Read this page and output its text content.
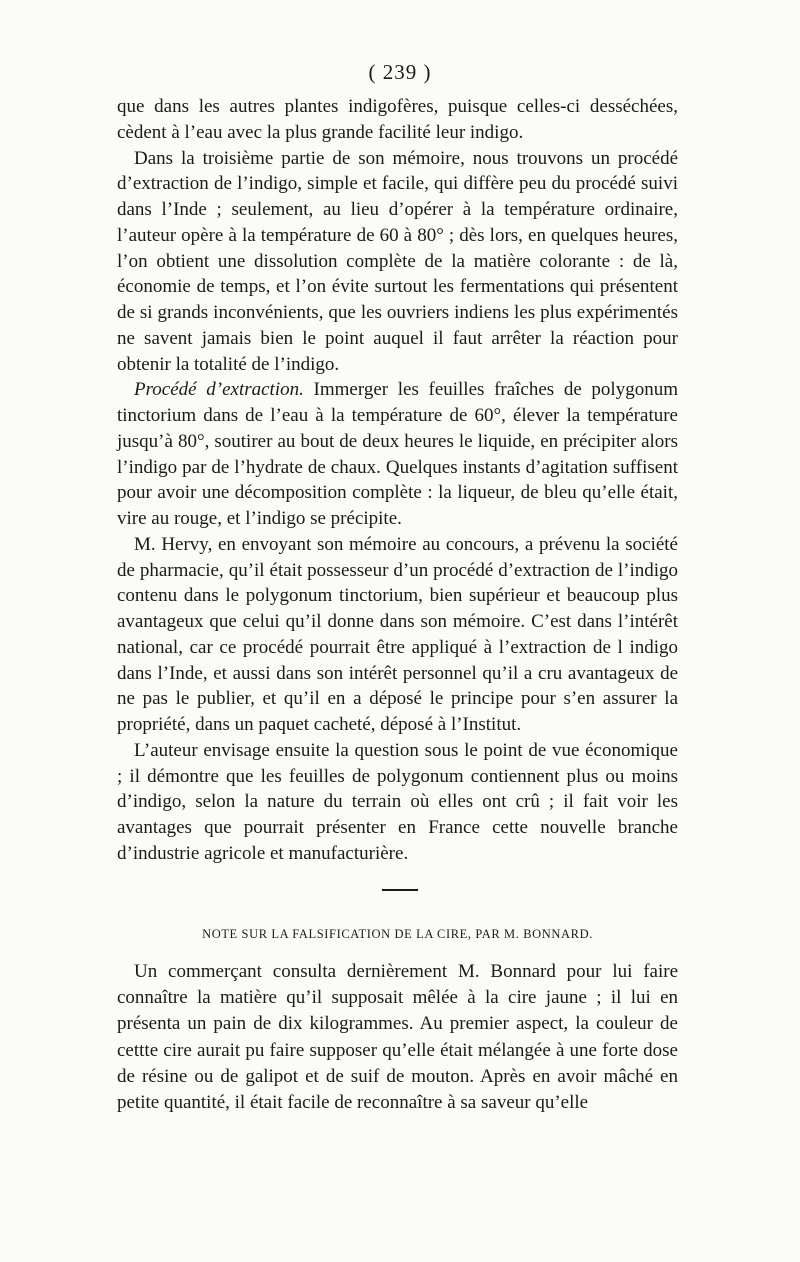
( 239 )

que dans les autres plantes indigofères, puisque celles-ci desséchées, cèdent à l’eau avec la plus grande facilité leur indigo.

Dans la troisième partie de son mémoire, nous trouvons un procédé d’extraction de l’indigo, simple et facile, qui diffère peu du procédé suivi dans l’Inde ; seulement, au lieu d’opérer à la température ordinaire, l’auteur opère à la température de 60 à 80° ; dès lors, en quelques heures, l’on obtient une dissolution complète de la matière colorante : de là, économie de temps, et l’on évite surtout les fermentations qui présentent de si grands inconvénients, que les ouvriers indiens les plus expérimentés ne savent jamais bien le point auquel il faut arrêter la réaction pour obtenir la totalité de l’indigo.

Procédé d’extraction. Immerger les feuilles fraîches de polygonum tinctorium dans de l’eau à la température de 60°, élever la température jusqu’à 80°, soutirer au bout de deux heures le liquide, en précipiter alors l’indigo par de l’hydrate de chaux. Quelques instants d’agitation suffisent pour avoir une décomposition complète : la liqueur, de bleu qu’elle était, vire au rouge, et l’indigo se précipite.

M. Hervy, en envoyant son mémoire au concours, a prévenu la société de pharmacie, qu’il était possesseur d’un procédé d’extraction de l’indigo contenu dans le polygonum tinctorium, bien supérieur et beaucoup plus avantageux que celui qu’il donne dans son mémoire. C’est dans l’intérêt national, car ce procédé pourrait être appliqué à l’extraction de l indigo dans l’Inde, et aussi dans son intérêt personnel qu’il a cru avantageux de ne pas le publier, et qu’il en a déposé le principe pour s’en assurer la propriété, dans un paquet cacheté, déposé à l’Institut.

L’auteur envisage ensuite la question sous le point de vue économique ; il démontre que les feuilles de polygonum contiennent plus ou moins d’indigo, selon la nature du terrain où elles ont crû ; il fait voir les avantages que pourrait présenter en France cette nouvelle branche d’industrie agricole et manufacturière.

NOTE SUR LA FALSIFICATION DE LA CIRE, PAR M. BONNARD.

Un commerçant consulta dernièrement M. Bonnard pour lui faire connaître la matière qu’il supposait mêlée à la cire jaune ; il lui en présenta un pain de dix kilogrammes. Au premier aspect, la couleur de cettte cire aurait pu faire supposer qu’elle était mélangée à une forte dose de résine ou de galipot et de suif de mouton. Après en avoir mâché en petite quantité, il était facile de reconnaître à sa saveur qu’elle
